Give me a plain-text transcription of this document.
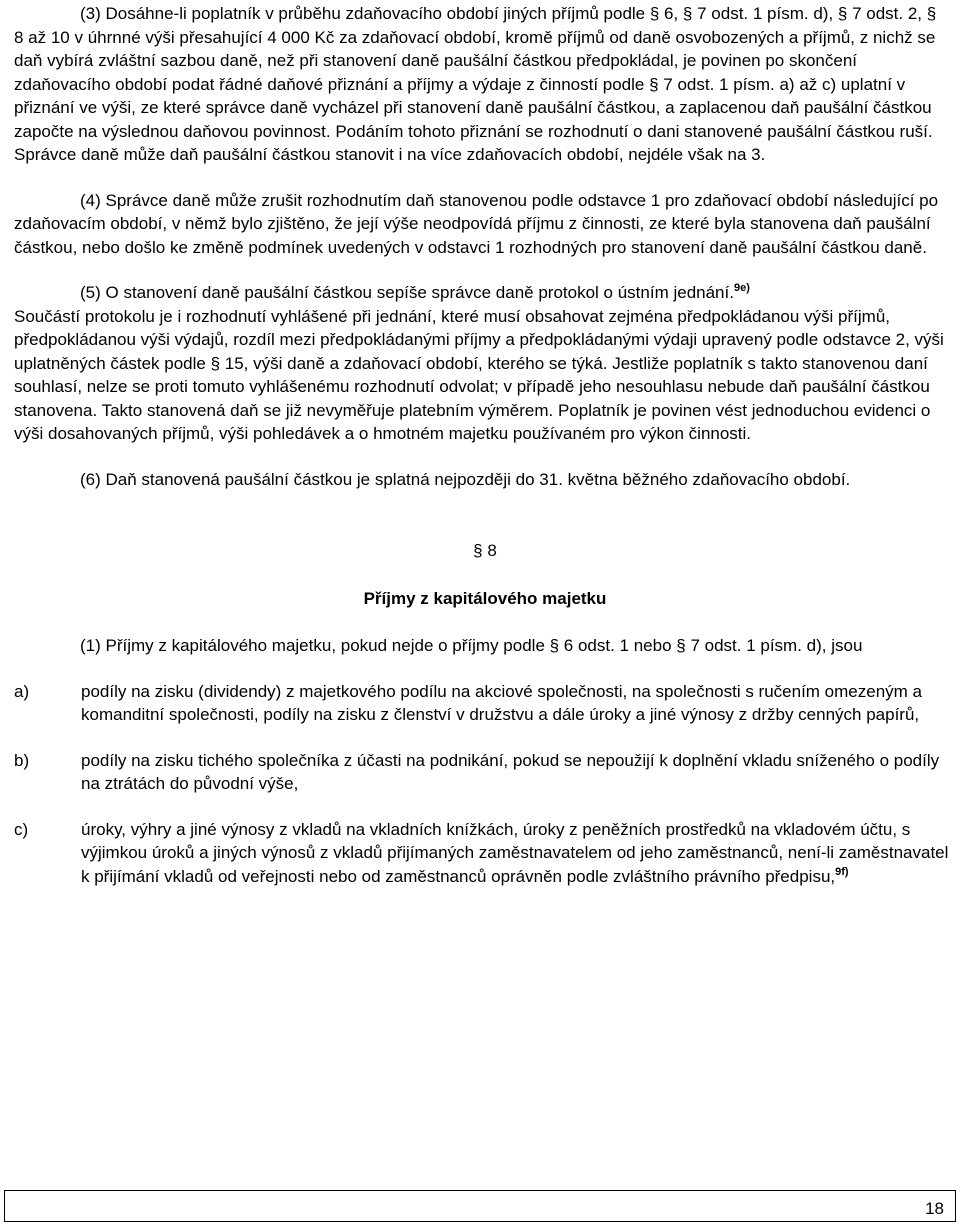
(3) Dosáhne-li poplatník v průběhu zdaňovacího období jiných příjmů podle § 6, § 7 odst. 1 písm. d), § 7 odst. 2, § 8 až 10 v úhrnné výši přesahující 4 000 Kč za zdaňovací období, kromě příjmů od daně osvobozených a příjmů, z nichž se daň vybírá zvláštní sazbou daně, než při stanovení daně paušální částkou předpokládal, je povinen po skončení zdaňovacího období podat řádné daňové přiznání a příjmy a výdaje z činností podle § 7 odst. 1 písm. a) až c) uplatní v přiznání ve výši, ze které správce daně vycházel při stanovení daně paušální částkou, a zaplacenou daň paušální částkou započte na výslednou daňovou povinnost. Podáním tohoto přiznání se rozhodnutí o dani stanovené paušální částkou ruší. Správce daně může daň paušální částkou stanovit i na více zdaňovacích období, nejdéle však na 3.

(4) Správce daně může zrušit rozhodnutím daň stanovenou podle odstavce 1 pro zdaňovací období následující po zdaňovacím období, v němž bylo zjištěno, že její výše neodpovídá příjmu z činnosti, ze které byla stanovena daň paušální částkou, nebo došlo ke změně podmínek uvedených v odstavci 1 rozhodných pro stanovení daně paušální částkou daně.

(5) O stanovení daně paušální částkou sepíše správce daně protokol o ústním jednání.$^{9e)}$
Součástí protokolu je i rozhodnutí vyhlášené při jednání, které musí obsahovat zejména předpokládanou výši příjmů, předpokládanou výši výdajů, rozdíl mezi předpokládanými příjmy a předpokládanými výdaji upravený podle odstavce 2, výši uplatněných částek podle § 15, výši daně a zdaňovací období, kterého se týká. Jestliže poplatník s takto stanovenou daní souhlasí, nelze se proti tomuto vyhlášenému rozhodnutí odvolat; v případě jeho nesouhlasu nebude daň paušální částkou stanovena. Takto stanovená daň se již nevyměřuje platebním výměrem. Poplatník je povinen vést jednoduchou evidenci o výši dosahovaných příjmů, výši pohledávek a o hmotném majetku používaném pro výkon činnosti.

(6) Daň stanovená paušální částkou je splatná nejpozději do 31. května běžného zdaňovacího období.

§ 8

Příjmy z kapitálového majetku

(1) Příjmy z kapitálového majetku, pokud nejde o příjmy podle § 6 odst. 1 nebo § 7 odst. 1 písm. d), jsou

a)	podíly na zisku (dividendy) z majetkového podílu na akciové společnosti, na společnosti s ručením omezeným a komanditní společnosti, podíly na zisku z členství v družstvu a dále úroky a jiné výnosy z držby cenných papírů,
b)	podíly na zisku tichého společníka z účasti na podnikání, pokud se nepoužijí k doplnění vkladu sníženého o podíly na ztrátách do původní výše,
c)	úroky, výhry a jiné výnosy z vkladů na vkladních knížkách, úroky z peněžních prostředků na vkladovém účtu, s výjimkou úroků a jiných výnosů z vkladů přijímaných zaměstnavatelem od jeho zaměstnanců, není-li zaměstnavatel k přijímání vkladů od veřejnosti nebo od zaměstnanců oprávněn podle zvláštního právního předpisu,$^{9f)}$
18
